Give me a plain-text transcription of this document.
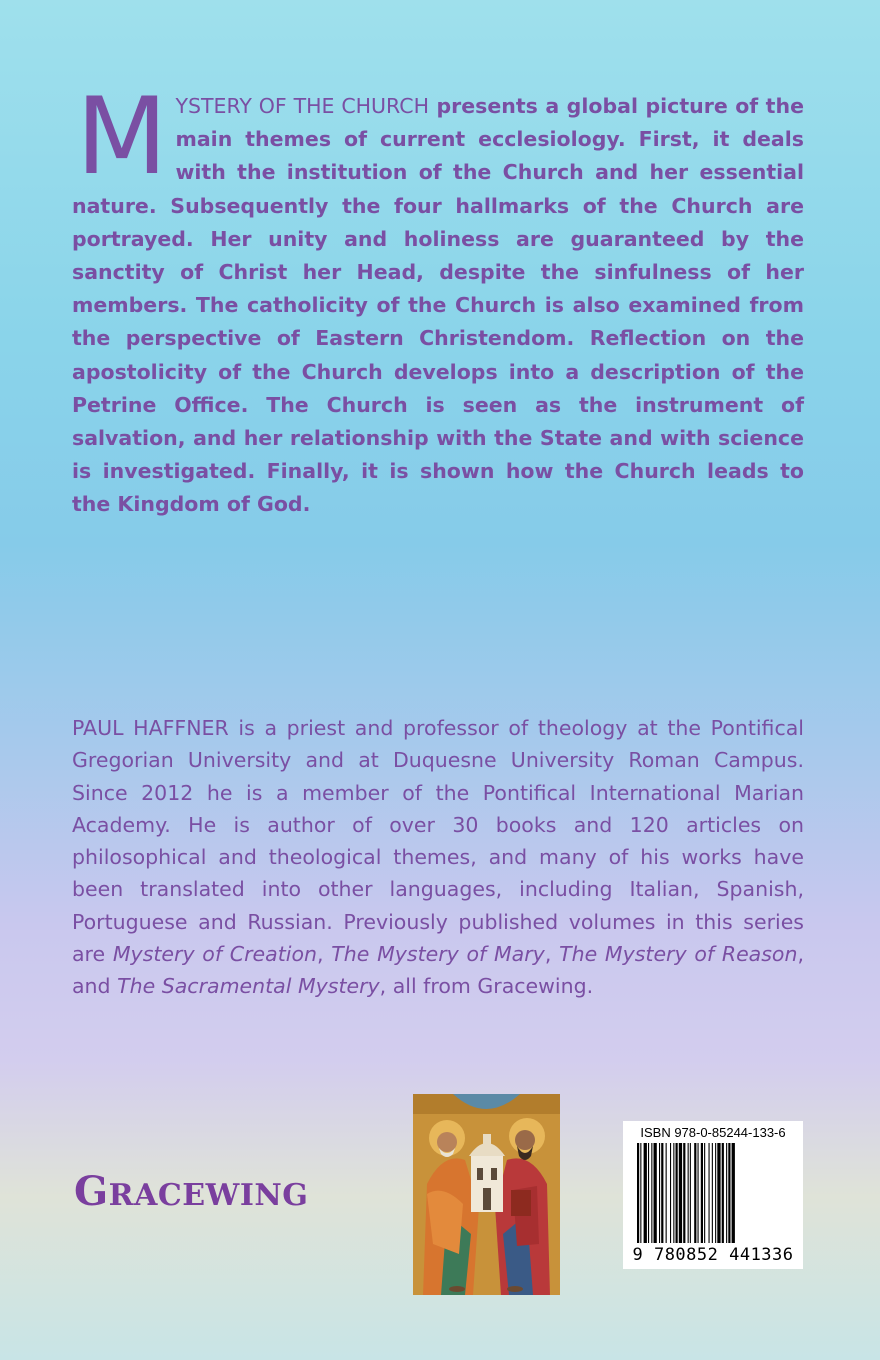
MYSTERY OF THE CHURCH presents a global picture of the main themes of current ecclesiology. First, it deals with the institution of the Church and her essential nature. Subsequently the four hallmarks of the Church are portrayed. Her unity and holiness are guaranteed by the sanctity of Christ her Head, despite the sinfulness of her members. The catholicity of the Church is also examined from the perspective of Eastern Christendom. Reflection on the apostolicity of the Church develops into a description of the Petrine Office. The Church is seen as the instrument of salvation, and her relationship with the State and with science is investigated. Finally, it is shown how the Church leads to the Kingdom of God.

PAUL HAFFNER is a priest and professor of theology at the Pontifical Gregorian University and at Duquesne University Roman Campus. Since 2012 he is a member of the Pontifical International Marian Academy. He is author of over 30 books and 120 articles on philosophical and theological themes, and many of his works have been translated into other languages, including Italian, Spanish, Portuguese and Russian. Previously published volumes in this series are Mystery of Creation, The Mystery of Mary, The Mystery of Reason, and The Sacramental Mystery, all from Gracewing.

GRACEWING
ISBN 978-0-85244-133-6
9 780852 441336
